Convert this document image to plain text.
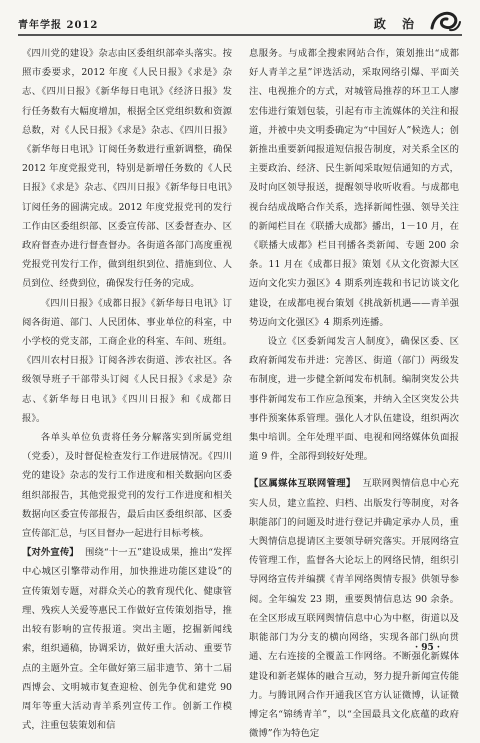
青年学报 2012	政 治

《四川党的建设》杂志由区委组织部牵头落实。按照市委要求，2012 年度《人民日报》《求是》杂志、《四川日报》《新华每日电讯》《经济日报》发行任务数有大幅度增加，根据全区党组织数和资源总数，对《人民日报》《求是》杂志、《四川日报》《新华每日电讯》订阅任务数进行重新调整，确保 2012 年度党报党刊，特别是新增任务数的《人民日报》《求是》杂志、《四川日报》《新华每日电讯》订阅任务的圆满完成。2012 年度党报党刊的发行工作由区委组织部、区委宣传部、区委督查办、区政府督查办进行督查督办。各街道各部门高度重视党报党刊发行工作，做到组织到位、措施到位、人员到位、经费到位，确保发行任务的完成。

《四川日报》《成都日报》《新华每日电讯》订阅各街道、部门、人民团体、事业单位的科室，中小学校的党支部，工商企业的科室、车间、班组。《四川农村日报》订阅各涉农街道、涉农社区。各级领导班子干部带头订阅《人民日报》《求是》杂志、《新华每日电讯》《四川日报》和《成都日报》。

各单头单位负责将任务分解落实到所属党组（党委），及时督促检查发行工作进展情况。《四川党的建设》杂志的发行工作进度和相关数据向区委组织部报告，其他党报党刊的发行工作进度和相关数据向区委宣传部报告，最后由区委组织部、区委宣传部汇总，与区目督办一起进行目标考核。

【对外宣传】 围绕“十一五”建设成果，推出“发挥中心城区引擎带动作用，加快推进功能区建设”的宣传策划专题，对群众关心的教育现代化、健康管理、残疾人关爱等惠民工作做好宣传策划指导，推出较有影响的宣传报道。突出主题，挖掘新闻线索，组织通稿，协调采访，做好重大活动、重要节点的主题外宣。全年做好第三届非遗节、第十二届西博会、文明城市复查迎检、创先争优和建党 90 周年等重大活动青羊系列宣传工作。创新工作模式，注重包装策划和信

息服务。与成都全搜索网站合作，策划推出“成都好人青羊之星”评选活动，采取网络引爆、平面关注、电视推介的方式，对城管局推荐的环卫工人廖宏伟进行策划包装，引起有市主流媒体的关注和报道，并被中央文明委确定为“中国好人”候选人；创新推出重要新闻报道短信报告制度，对关系全区的主要政治、经济、民生新闻采取短信通知的方式，及时向区领导报送，提醒领导收听收看。与成都电视台结成战略合作关系，选择新闻性强、领导关注的新闻栏目在《联播大成都》播出，1－10 月，在《联播大成都》栏目刊播各类新闻、专题 200 余条。11 月在《成都日报》策划《从文化资源大区迈向文化实力强区》4 期系列连载和书记访谈文化建设，在成都电视台策划《挑战新机遇——青羊强势迈向文化强区》4 期系列连播。

设立《区委新闻发言人制度》，确保区委、区政府新闻发布并进：完善区、街道（部门）两级发布制度，进一步健全新闻发布机制。编制突发公共事件新闻发布工作应急预案，并纳入全区突发公共事件预案体系管理。强化人才队伍建设，组织两次集中培训。全年处理平面、电视和网络媒体负面报道 9 件，全部得到较好处理。

【区属媒体互联网管理】 互联网舆情信息中心充实人员，建立监控、归档、出版发行等制度，对各职能部门的问题及时进行登记并确定承办人员，重大舆情信息提请区主要领导研究落实。开展网络宣传管理工作，监督各大论坛上的网络民情，组织引导网络宣传并编撰《青羊网络舆情专报》供领导参阅。全年编发 23 期，重要舆情信息达 90 余条。在全区形成互联网舆情信息中心为中枢，街道以及职能部门为分支的横向网络，实现各部门纵向贯通、左右连接的全覆盖工作网络。不断强化新媒体建设和新老媒体的融合互动，努力提升新闻宣传能力。与腾讯网合作开通我区官方认证微博，认证微博定名“锦绣青羊”，以“全国最具文化底蕴的政府微博”作为特色定

· 95 ·
